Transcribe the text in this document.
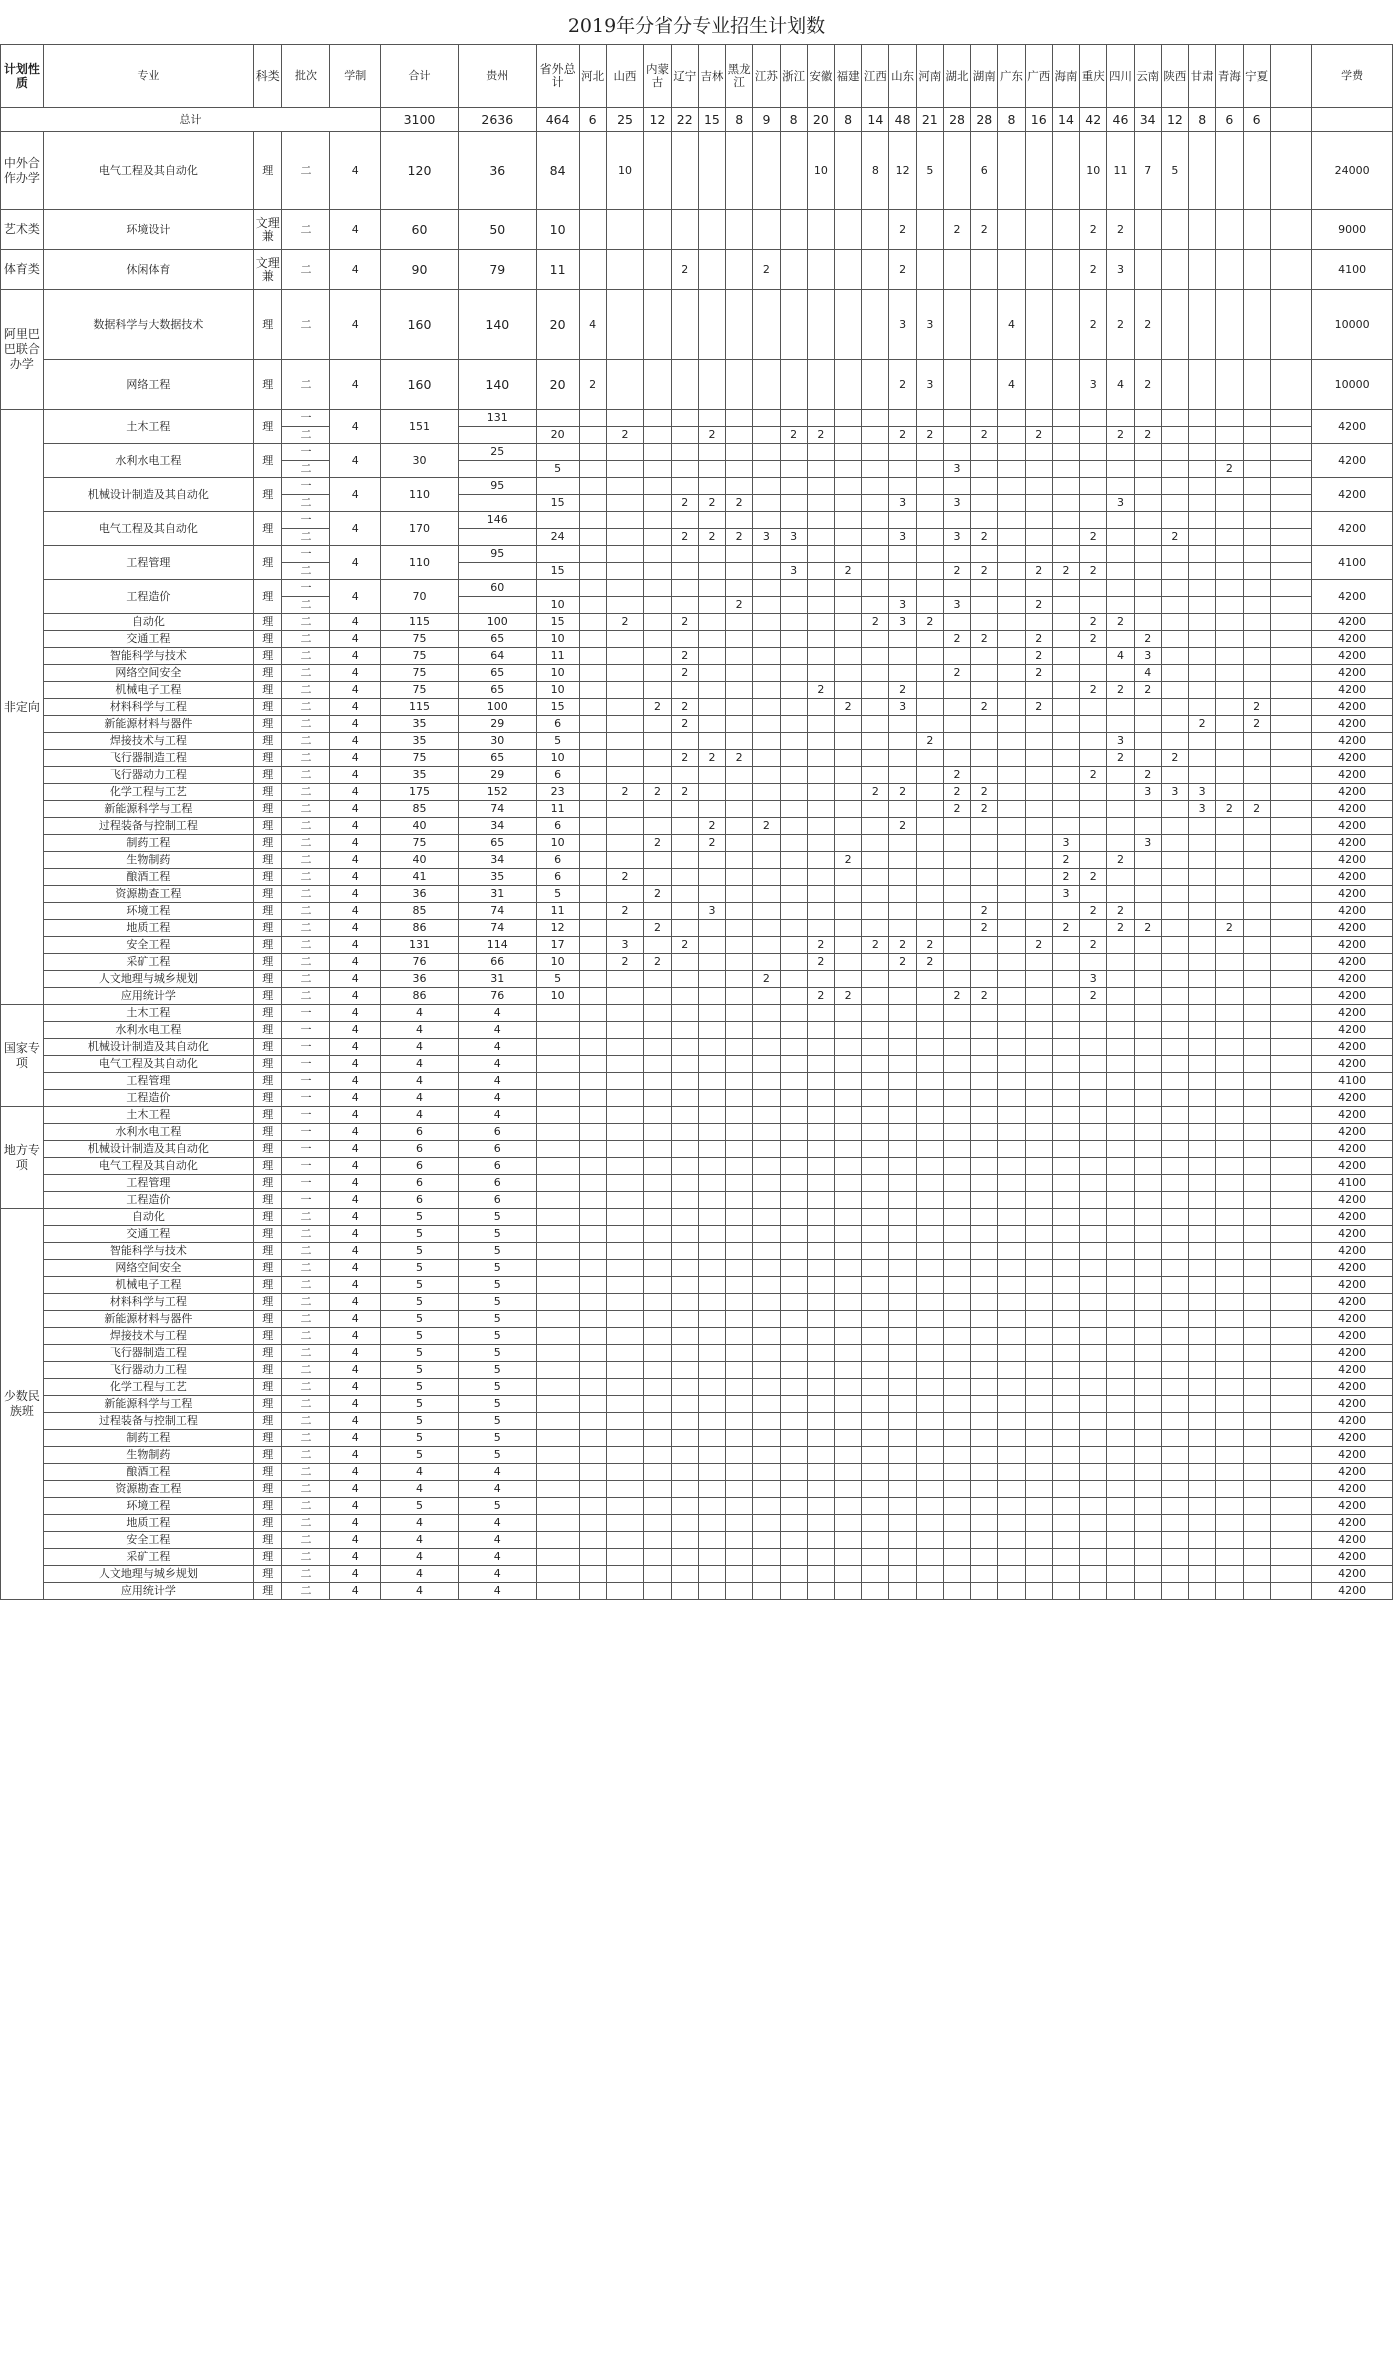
2019年分省分专业招生计划数
计划性质	专业	科类	批次	学制	合计	贵州	省外总计	河北	山西	内蒙古	辽宁	吉林	黑龙江	江苏	浙江	安徽	福建	江西	山东	河南	湖北	湖南	广东	广西	海南	重庆	四川	云南	陕西	甘肃	青海	宁夏		学费
总计					3100	2636	464	6	25	12	22	15	8	9	8	20	8	14	48	21	28	28	8	16	14	42	46	34	12	8	6	6		
中外合作办学	电气工程及其自动化	理	二	4	120	36	84		10							10		8	12	5		6				10	11	7	5					24000
艺术类	环境设计	文理兼	二	4	60	50	10												2		2	2				2	2							9000
体育类	休闲体育	文理兼	二	4	90	79	11				2			2					2							2	3							4100
阿里巴巴联合办学	数据科学与大数据技术	理	二	4	160	140	20	4											3	3			4			2	2	2						10000
	网络工程	理	二	4	160	140	20	2											2	3			4			3	4	2						10000
非定向	土木工程	理	一	4	151	131																												4200
			二				20		2			2			2	2			2	2		2		2			2	2						
	水利水电工程	理	一	4	30	25																												4200
			二				5														3										2			
	机械设计制造及其自动化	理	一	4	110	95																												4200
			二				15				2	2	2						3		3						3							
	电气工程及其自动化	理	一	4	170	146																												4200
			二				24				2	2	2	3	3				3		3	2				2			2					
	工程管理	理	一	4	110	95																												4100
			二				15								3		2				2	2		2	2	2								
	工程造价	理	一	4	70	60																												4200
			二				10						2						3		3			2										
	自动化	理	二	4	115	100	15		2		2							2	3	2						2	2							4200
	交通工程	理	二	4	75	65	10														2	2		2		2		2						4200
	智能科学与技术	理	二	4	75	64	11				2													2			4	3						4200
	网络空间安全	理	二	4	75	65	10				2										2			2				4						4200
	机械电子工程	理	二	4	75	65	10									2			2							2	2	2						4200
	材料科学与工程	理	二	4	115	100	15			2	2						2		3			2		2								2		4200
	新能源材料与器件	理	二	4	35	29	6				2																			2		2		4200
	焊接技术与工程	理	二	4	35	30	5													2							3							4200
	飞行器制造工程	理	二	4	75	65	10				2	2	2														2		2					4200
	飞行器动力工程	理	二	4	35	29	6														2					2		2						4200
	化学工程与工艺	理	二	4	175	152	23		2	2	2							2	2		2	2						3	3	3				4200
	新能源科学与工程	理	二	4	85	74	11														2	2								3	2	2		4200
	过程装备与控制工程	理	二	4	40	34	6					2		2					2															4200
	制药工程	理	二	4	75	65	10			2		2													3			3						4200
	生物制药	理	二	4	40	34	6										2								2		2							4200
	酿酒工程	理	二	4	41	35	6		2																2	2								4200
	资源勘查工程	理	二	4	36	31	5			2															3									4200
	环境工程	理	二	4	85	74	11		2			3										2				2	2							4200
	地质工程	理	二	4	86	74	12			2												2			2		2	2			2			4200
	安全工程	理	二	4	131	114	17		3		2					2		2	2	2				2		2								4200
	采矿工程	理	二	4	76	66	10		2	2						2			2	2														4200
	人文地理与城乡规划	理	二	4	36	31	5							2												3								4200
	应用统计学	理	二	4	86	76	10									2	2				2	2				2								4200
国家专项	土木工程	理	一	4	4	4																												4200
	水利水电工程	理	一	4	4	4																												4200
	机械设计制造及其自动化	理	一	4	4	4																												4200
	电气工程及其自动化	理	一	4	4	4																												4200
	工程管理	理	一	4	4	4																												4100
	工程造价	理	一	4	4	4																												4200
地方专项	土木工程	理	一	4	4	4																												4200
	水利水电工程	理	一	4	6	6																												4200
	机械设计制造及其自动化	理	一	4	6	6																												4200
	电气工程及其自动化	理	一	4	6	6																												4200
	工程管理	理	一	4	6	6																												4100
	工程造价	理	一	4	6	6																												4200
少数民族班	自动化	理	二	4	5	5																												4200
	交通工程	理	二	4	5	5																												4200
	智能科学与技术	理	二	4	5	5																												4200
	网络空间安全	理	二	4	5	5																												4200
	机械电子工程	理	二	4	5	5																												4200
	材料科学与工程	理	二	4	5	5																												4200
	新能源材料与器件	理	二	4	5	5																												4200
	焊接技术与工程	理	二	4	5	5																												4200
	飞行器制造工程	理	二	4	5	5																												4200
	飞行器动力工程	理	二	4	5	5																												4200
	化学工程与工艺	理	二	4	5	5																												4200
	新能源科学与工程	理	二	4	5	5																												4200
	过程装备与控制工程	理	二	4	5	5																												4200
	制药工程	理	二	4	5	5																												4200
	生物制药	理	二	4	5	5																												4200
	酿酒工程	理	二	4	4	4																												4200
	资源勘查工程	理	二	4	4	4																												4200
	环境工程	理	二	4	5	5																												4200
	地质工程	理	二	4	4	4																												4200
	安全工程	理	二	4	4	4																												4200
	采矿工程	理	二	4	4	4																												4200
	人文地理与城乡规划	理	二	4	4	4																												4200
	应用统计学	理	二	4	4	4																												4200
